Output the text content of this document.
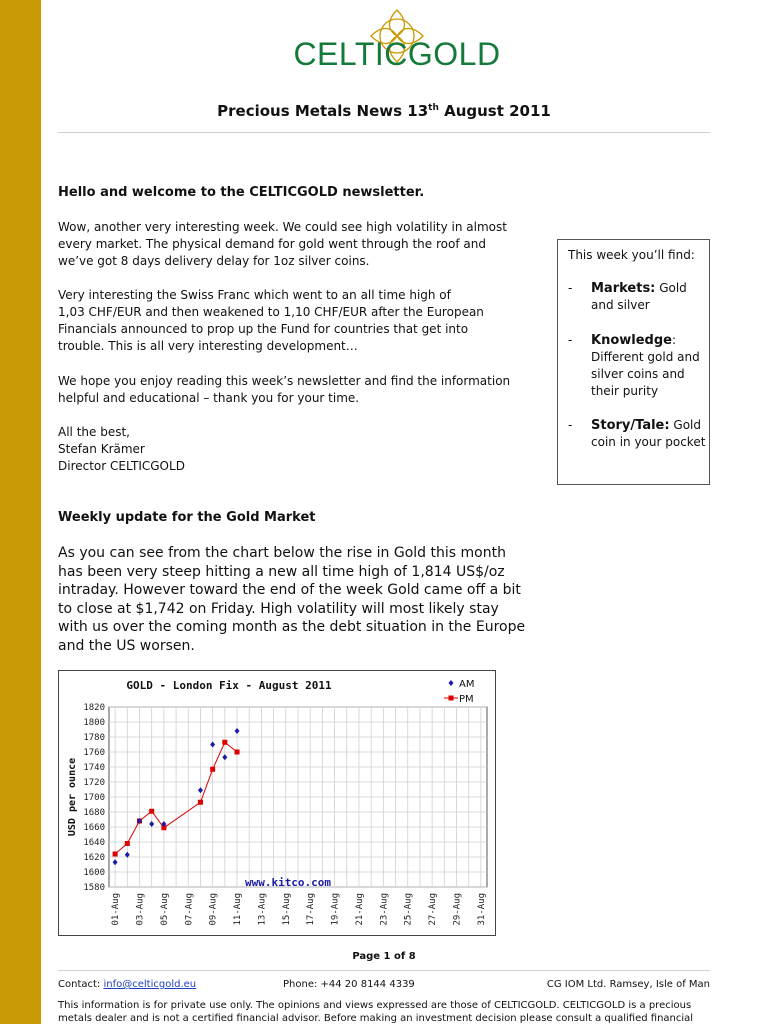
CELTICGOLD
Precious Metals News 13th August 2011
Hello and welcome to the CELTICGOLD newsletter.
Wow, another very interesting week. We could see high volatility in almost
every market. The physical demand for gold went through the roof and
we’ve got 8 days delivery delay for 1oz silver coins.
Very interesting the Swiss Franc which went to an all time high of
1,03 CHF/EUR and then weakened to 1,10 CHF/EUR after the European
Financials announced to prop up the Fund for countries that get into
trouble. This is all very interesting development…
We hope you enjoy reading this week’s newsletter and find the information
helpful and educational – thank you for your time.
All the best,
Stefan Krämer
Director CELTICGOLD
This week you’ll find:
- Markets: Gold and silver
- Knowledge: Different gold and silver coins and their purity
- Story/Tale: Gold coin in your pocket
Weekly update for the Gold Market
As you can see from the chart below the rise in Gold this month
has been very steep hitting a new all time high of 1,814 US$/oz
intraday. However toward the end of the week Gold came off a bit
to close at $1,742 on Friday. High volatility will most likely stay
with us over the coming month as the debt situation in the Europe
and the US worsen.
1580
1600
1620
1640
1660
1680
1700
1720
1740
1760
1780
1800
1820
01-Aug 03-Aug 05-Aug 07-Aug 09-Aug 11-Aug 13-Aug 15-Aug 17-Aug 19-Aug 21-Aug 23-Aug 25-Aug 27-Aug 29-Aug 31-Aug
GOLD - London Fix - August 2011
USD per ounce
www.kitco.com
AM
PM
Page 1 of 8
Contact: info@celticgold.eu	Phone: +44 20 8144 4339	CG IOM Ltd. Ramsey, Isle of Man
This information is for private use only. The opinions and views expressed are those of CELTICGOLD. CELTICGOLD is a precious
metals dealer and is not a certified financial advisor. Before making an investment decision please consult a qualified financial
